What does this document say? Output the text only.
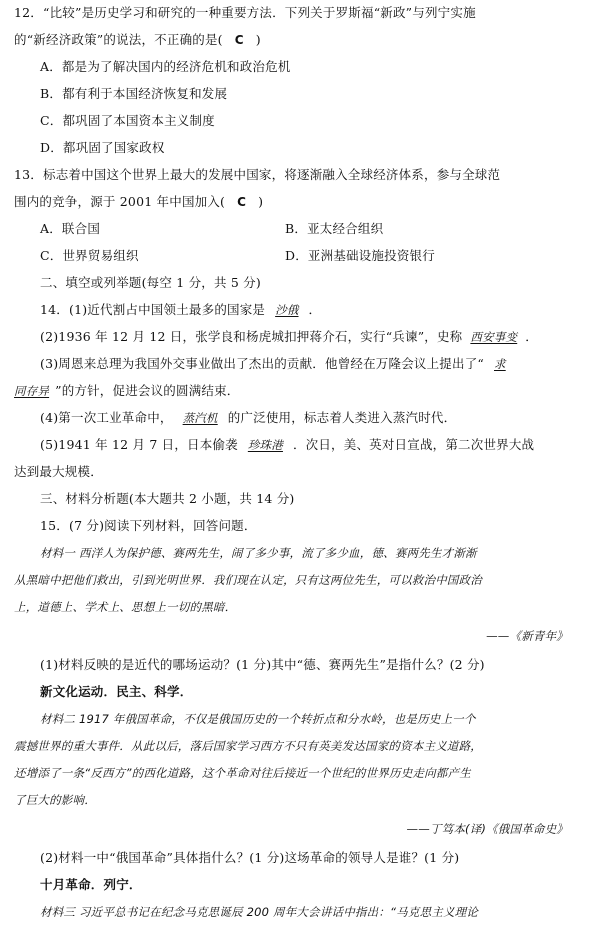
12．“比较”是历史学习和研究的一种重要方法．下列关于罗斯福“新政”与列宁实施
的“新经济政策”的说法，不正确的是( C )
A．都是为了解决国内的经济危机和政治危机
B．都有利于本国经济恢复和发展
C．都巩固了本国资本主义制度
D．都巩固了国家政权
13．标志着中国这个世界上最大的发展中国家，将逐渐融入全球经济体系，参与全球范
围内的竞争，源于 2001 年中国加入( C )
A．联合国	B．亚太经合组织
C．世界贸易组织	D．亚洲基础设施投资银行
二、填空或列举题(每空 1 分，共 5 分)
14．(1)近代割占中国领土最多的国家是 沙俄 ．
(2)1936 年 12 月 12 日，张学良和杨虎城扣押蒋介石，实行“兵谏”，史称 西安事变 ．
(3)周恩来总理为我国外交事业做出了杰出的贡献．他曾经在万隆会议上提出了“ 求
同存异 ”的方针，促进会议的圆满结束．
(4)第一次工业革命中， 蒸汽机 的广泛使用，标志着人类进入蒸汽时代．
(5)1941 年 12 月 7 日，日本偷袭 珍珠港 ．次日，美、英对日宣战，第二次世界大战
达到最大规模．
三、材料分析题(本大题共 2 小题，共 14 分)
15．(7 分)阅读下列材料，回答问题．
材料一 西洋人为保护德、赛两先生，闹了多少事，流了多少血，德、赛两先生才渐渐
从黑暗中把他们救出，引到光明世界．我们现在认定，只有这两位先生，可以救治中国政治
上，道德上、学术上、思想上一切的黑暗．
——《新青年》
(1)材料反映的是近代的哪场运动？(1 分)其中“德、赛两先生”是指什么？(2 分)
新文化运动．民主、科学．
材料二 1917 年俄国革命，不仅是俄国历史的一个转折点和分水岭，也是历史上一个
震撼世界的重大事件．从此以后，落后国家学习西方不只有英美发达国家的资本主义道路，
还增添了一条“反西方”的西化道路，这个革命对往后接近一个世纪的世界历史走向都产生
了巨大的影响．
——丁笃本(译)《俄国革命史》
(2)材料一中“俄国革命”具体指什么？(1 分)这场革命的领导人是谁？(1 分)
十月革命．列宁．
材料三 习近平总书记在纪念马克思诞辰 200 周年大会讲话中指出：“马克思主义理论
